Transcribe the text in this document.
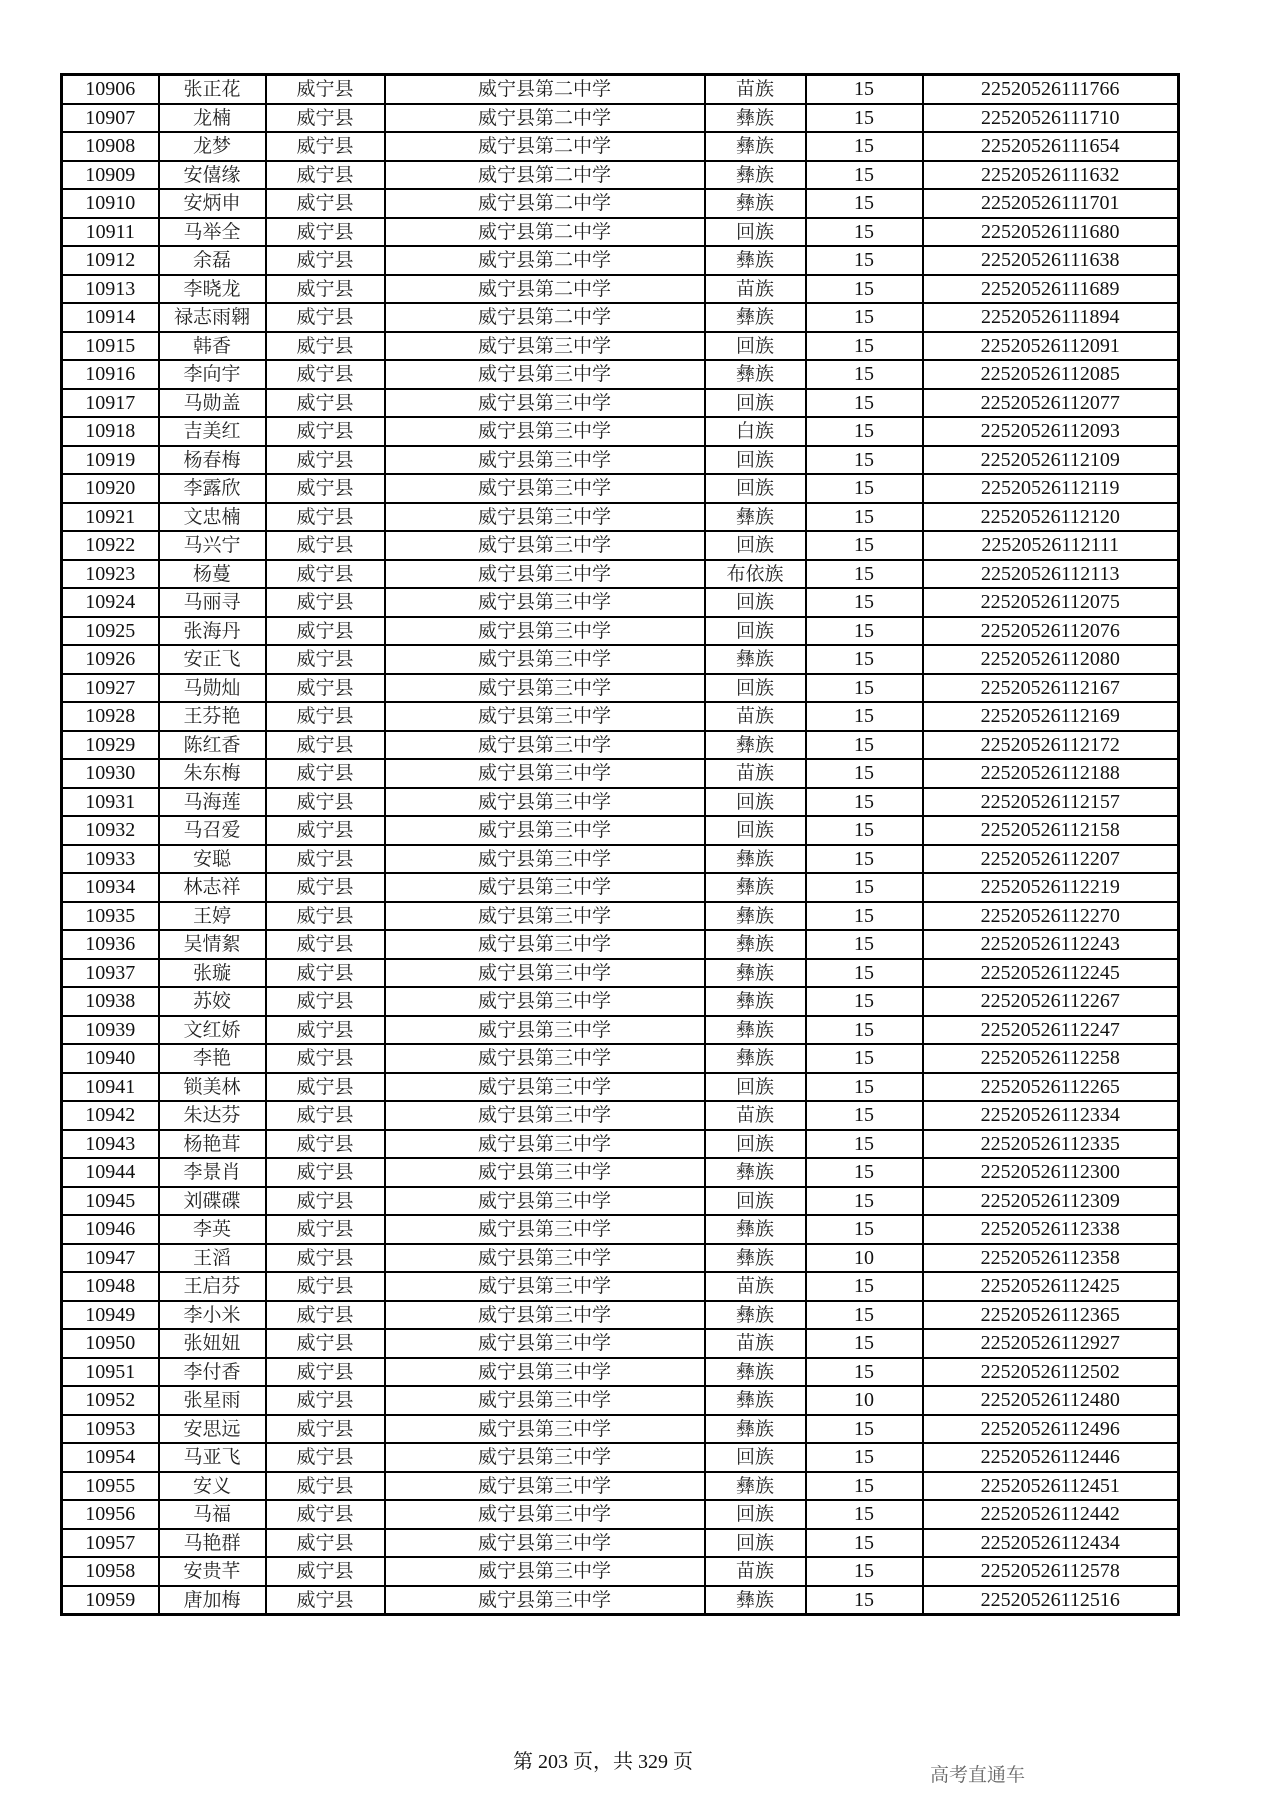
10906	张正花	威宁县	威宁县第二中学	苗族	15	22520526111766
10907	龙楠	威宁县	威宁县第二中学	彝族	15	22520526111710
10908	龙梦	威宁县	威宁县第二中学	彝族	15	22520526111654
10909	安僖缘	威宁县	威宁县第二中学	彝族	15	22520526111632
10910	安炳申	威宁县	威宁县第二中学	彝族	15	22520526111701
10911	马举全	威宁县	威宁县第二中学	回族	15	22520526111680
10912	余磊	威宁县	威宁县第二中学	彝族	15	22520526111638
10913	李晓龙	威宁县	威宁县第二中学	苗族	15	22520526111689
10914	禄志雨翱	威宁县	威宁县第二中学	彝族	15	22520526111894
10915	韩香	威宁县	威宁县第三中学	回族	15	22520526112091
10916	李向宇	威宁县	威宁县第三中学	彝族	15	22520526112085
10917	马勋盖	威宁县	威宁县第三中学	回族	15	22520526112077
10918	吉美红	威宁县	威宁县第三中学	白族	15	22520526112093
10919	杨春梅	威宁县	威宁县第三中学	回族	15	22520526112109
10920	李露欣	威宁县	威宁县第三中学	回族	15	22520526112119
10921	文忠楠	威宁县	威宁县第三中学	彝族	15	22520526112120
10922	马兴宁	威宁县	威宁县第三中学	回族	15	22520526112111
10923	杨蔓	威宁县	威宁县第三中学	布依族	15	22520526112113
10924	马丽寻	威宁县	威宁县第三中学	回族	15	22520526112075
10925	张海丹	威宁县	威宁县第三中学	回族	15	22520526112076
10926	安正飞	威宁县	威宁县第三中学	彝族	15	22520526112080
10927	马勋灿	威宁县	威宁县第三中学	回族	15	22520526112167
10928	王芬艳	威宁县	威宁县第三中学	苗族	15	22520526112169
10929	陈红香	威宁县	威宁县第三中学	彝族	15	22520526112172
10930	朱东梅	威宁县	威宁县第三中学	苗族	15	22520526112188
10931	马海莲	威宁县	威宁县第三中学	回族	15	22520526112157
10932	马召爱	威宁县	威宁县第三中学	回族	15	22520526112158
10933	安聪	威宁县	威宁县第三中学	彝族	15	22520526112207
10934	林志祥	威宁县	威宁县第三中学	彝族	15	22520526112219
10935	王婷	威宁县	威宁县第三中学	彝族	15	22520526112270
10936	吴情絮	威宁县	威宁县第三中学	彝族	15	22520526112243
10937	张璇	威宁县	威宁县第三中学	彝族	15	22520526112245
10938	苏姣	威宁县	威宁县第三中学	彝族	15	22520526112267
10939	文红娇	威宁县	威宁县第三中学	彝族	15	22520526112247
10940	李艳	威宁县	威宁县第三中学	彝族	15	22520526112258
10941	锁美林	威宁县	威宁县第三中学	回族	15	22520526112265
10942	朱达芬	威宁县	威宁县第三中学	苗族	15	22520526112334
10943	杨艳茸	威宁县	威宁县第三中学	回族	15	22520526112335
10944	李景肖	威宁县	威宁县第三中学	彝族	15	22520526112300
10945	刘碟碟	威宁县	威宁县第三中学	回族	15	22520526112309
10946	李英	威宁县	威宁县第三中学	彝族	15	22520526112338
10947	王滔	威宁县	威宁县第三中学	彝族	10	22520526112358
10948	王启芬	威宁县	威宁县第三中学	苗族	15	22520526112425
10949	李小米	威宁县	威宁县第三中学	彝族	15	22520526112365
10950	张妞妞	威宁县	威宁县第三中学	苗族	15	22520526112927
10951	李付香	威宁县	威宁县第三中学	彝族	15	22520526112502
10952	张星雨	威宁县	威宁县第三中学	彝族	10	22520526112480
10953	安思远	威宁县	威宁县第三中学	彝族	15	22520526112496
10954	马亚飞	威宁县	威宁县第三中学	回族	15	22520526112446
10955	安义	威宁县	威宁县第三中学	彝族	15	22520526112451
10956	马福	威宁县	威宁县第三中学	回族	15	22520526112442
10957	马艳群	威宁县	威宁县第三中学	回族	15	22520526112434
10958	安贵芊	威宁县	威宁县第三中学	苗族	15	22520526112578
10959	唐加梅	威宁县	威宁县第三中学	彝族	15	22520526112516
第 203 页，共 329 页
高考直通车
